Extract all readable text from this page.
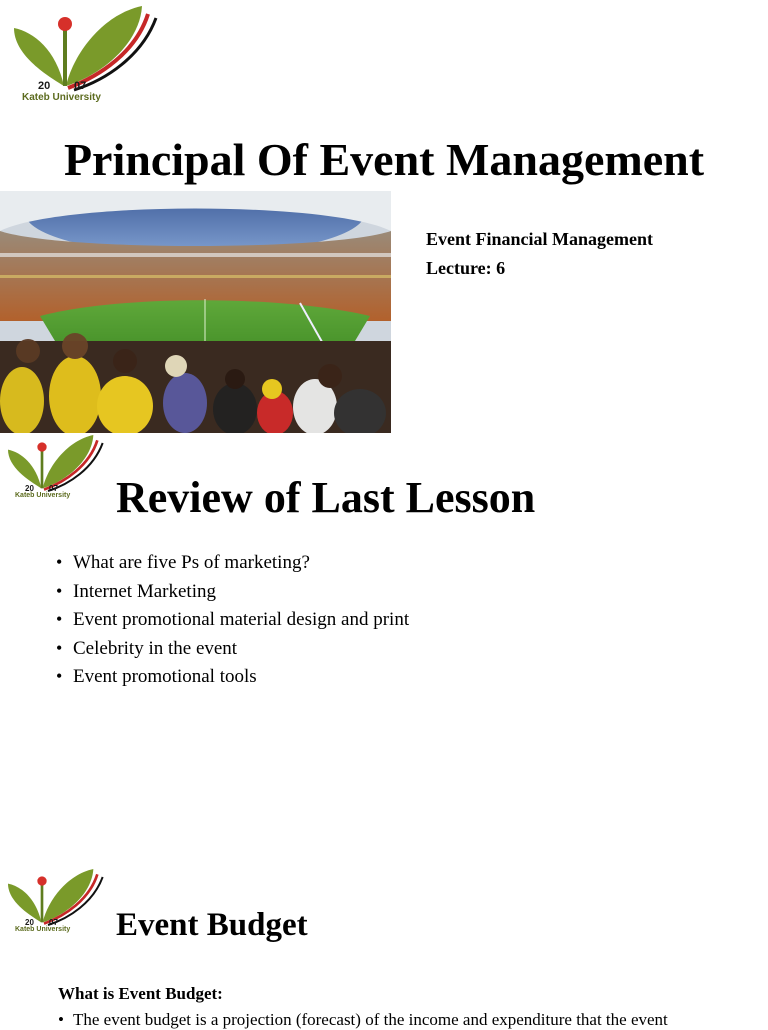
20 07
Kateb University
Principal Of Event Management
Event Financial Management
Lecture: 6
20 07
Kateb University Review of Last Lesson
• What are five Ps of marketing?
• Internet Marketing
• Event promotional material design and print
• Celebrity in the event
• Event promotional tools
20 07
Kateb University Event Budget
What is Event Budget:
• The event budget is a projection (forecast) of the income and expenditure that the event
